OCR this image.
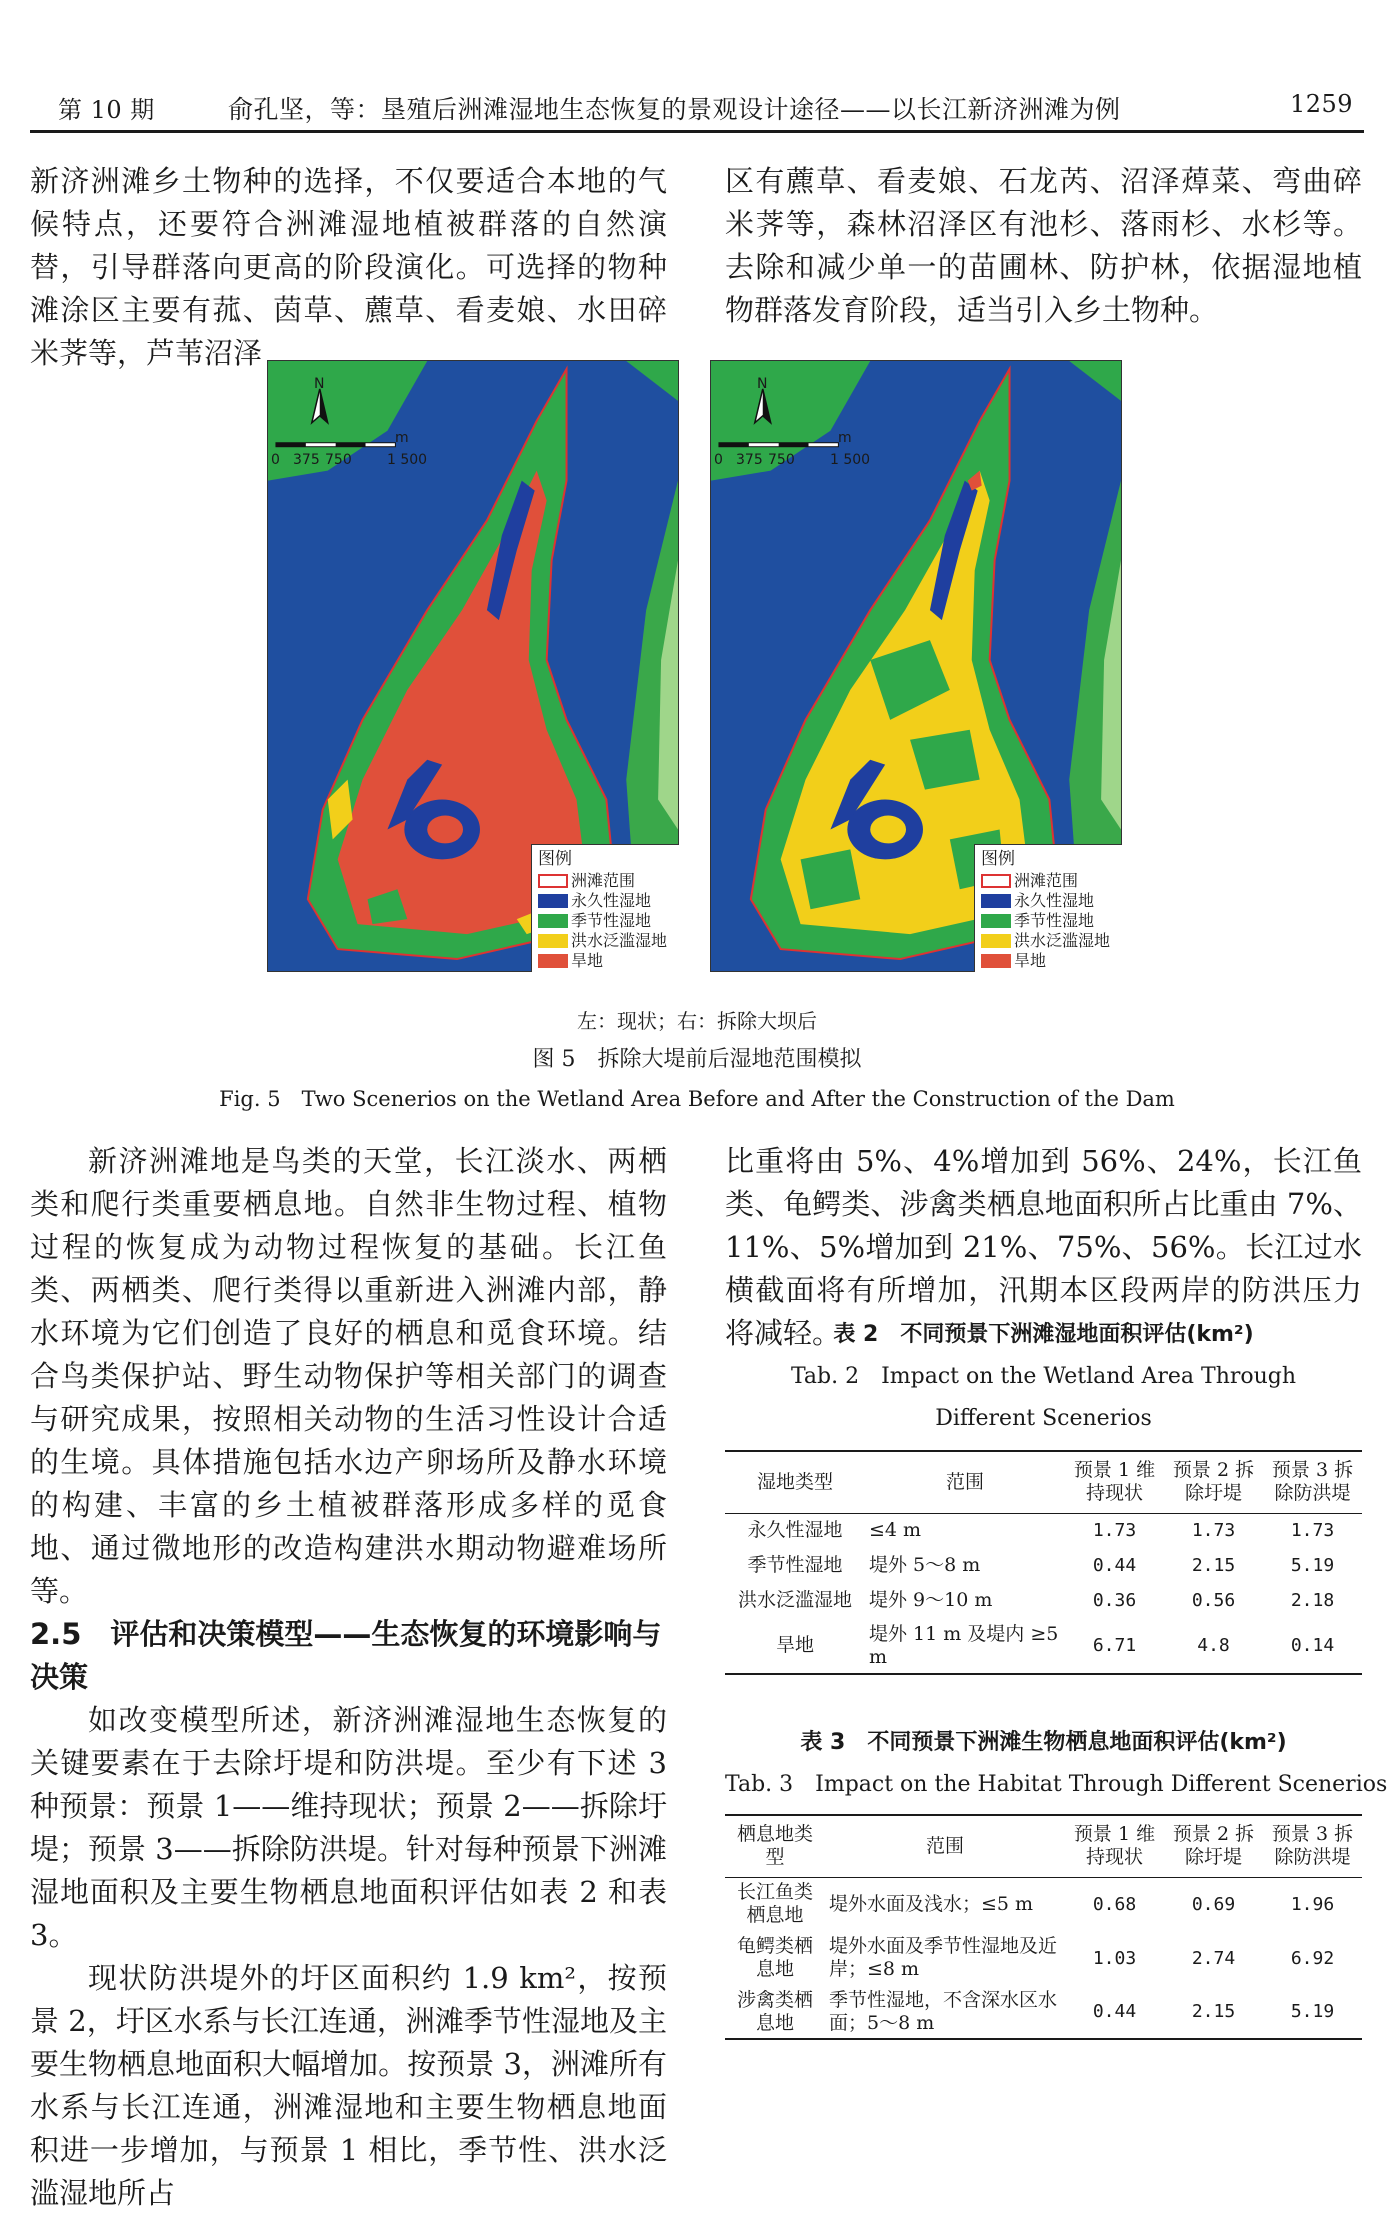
第 10 期	俞孔坚，等：垦殖后洲滩湿地生态恢复的景观设计途径——以长江新济洲滩为例	1259

新济洲滩乡土物种的选择，不仅要适合本地的气候特点，还要符合洲滩湿地植被群落的自然演替，引导群落向更高的阶段演化。可选择的物种滩涂区主要有菰、茵草、藨草、看麦娘、水田碎米荠等，芦苇沼泽

区有藨草、看麦娘、石龙芮、沼泽蔊菜、弯曲碎米荠等，森林沼泽区有池杉、落雨杉、水杉等。去除和减少单一的苗圃林、防护林，依据湿地植物群落发育阶段，适当引入乡土物种。

N
m
0 375 750	1 500
图例
洲滩范围
永久性湿地
季节性湿地
洪水泛滥湿地
旱地
N
m
0 375 750	1 500
图例
洲滩范围
永久性湿地
季节性湿地
洪水泛滥湿地
旱地
左：现状；右：拆除大坝后
图 5　拆除大堤前后湿地范围模拟
Fig. 5　Two Scenerios on the Wetland Area Before and After the Construction of the Dam

新济洲滩地是鸟类的天堂，长江淡水、两栖类和爬行类重要栖息地。自然非生物过程、植物过程的恢复成为动物过程恢复的基础。长江鱼类、两栖类、爬行类得以重新进入洲滩内部，静水环境为它们创造了良好的栖息和觅食环境。结合鸟类保护站、野生动物保护等相关部门的调查与研究成果，按照相关动物的生活习性设计合适的生境。具体措施包括水边产卵场所及静水环境的构建、丰富的乡土植被群落形成多样的觅食地、通过微地形的改造构建洪水期动物避难场所等。

2.5　评估和决策模型——生态恢复的环境影响与决策

如改变模型所述，新济洲滩湿地生态恢复的关键要素在于去除圩堤和防洪堤。至少有下述 3 种预景：预景 1——维持现状；预景 2——拆除圩堤；预景 3——拆除防洪堤。针对每种预景下洲滩湿地面积及主要生物栖息地面积评估如表 2 和表 3。

现状防洪堤外的圩区面积约 1.9 km²，按预景 2，圩区水系与长江连通，洲滩季节性湿地及主要生物栖息地面积大幅增加。按预景 3，洲滩所有水系与长江连通，洲滩湿地和主要生物栖息地面积进一步增加，与预景 1 相比，季节性、洪水泛滥湿地所占

比重将由 5%、4%增加到 56%、24%，长江鱼类、龟鳄类、涉禽类栖息地面积所占比重由 7%、11%、5%增加到 21%、75%、56%。长江过水横截面将有所增加，汛期本区段两岸的防洪压力将减轻。

表 2　不同预景下洲滩湿地面积评估(km²)
Tab. 2　Impact on the Wetland Area Through
Different Scenerios
湿地类型	范围	预景 1 维持现状	预景 2 拆除圩堤	预景 3 拆除防洪堤
永久性湿地	≤4 m	1.73	1.73	1.73
季节性湿地	堤外 5～8 m	0.44	2.15	5.19
洪水泛滥湿地	堤外 9～10 m	0.36	0.56	2.18
旱地	堤外 11 m 及堤内 ≥5 m	6.71	4.8	0.14
表 3　不同预景下洲滩生物栖息地面积评估(km²)
Tab. 3　Impact on the Habitat Through Different Scenerios
栖息地类型	范围	预景 1 维持现状	预景 2 拆除圩堤	预景 3 拆除防洪堤
长江鱼类栖息地	堤外水面及浅水；≤5 m	0.68	0.69	1.96
龟鳄类栖息地	堤外水面及季节性湿地及近岸；≤8 m	1.03	2.74	6.92
涉禽类栖息地	季节性湿地，不含深水区水面；5～8 m	0.44	2.15	5.19
